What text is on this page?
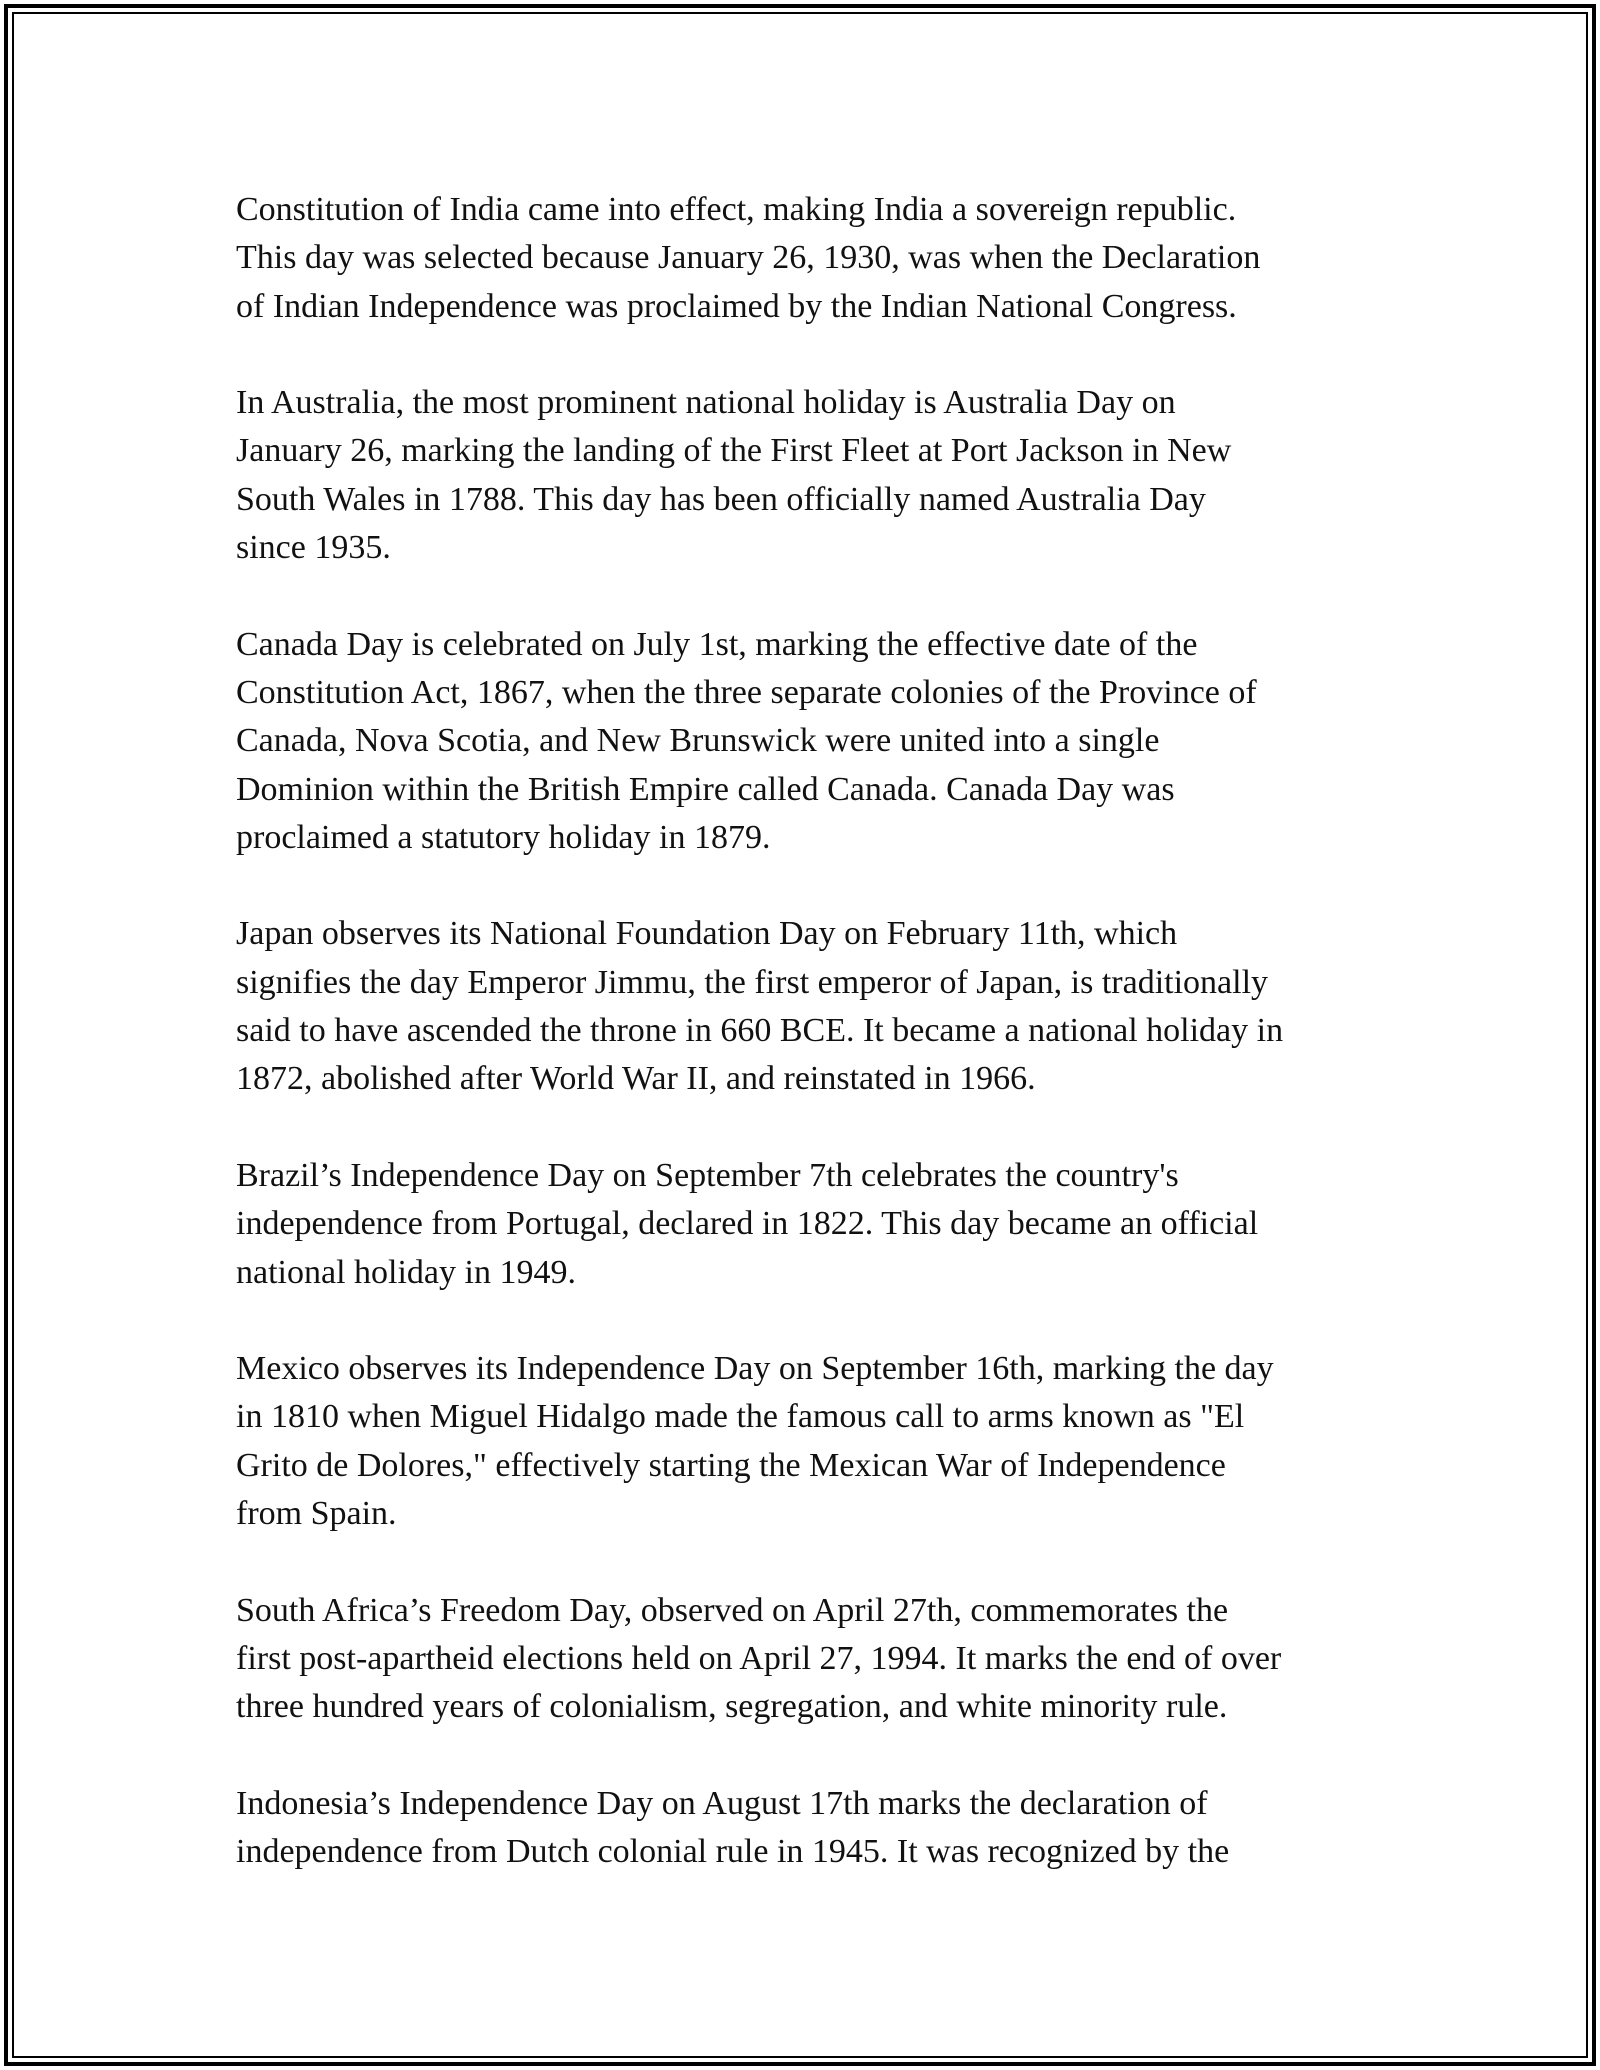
Constitution of India came into effect, making India a sovereign republic.
This day was selected because January 26, 1930, was when the Declaration
of Indian Independence was proclaimed by the Indian National Congress.

In Australia, the most prominent national holiday is Australia Day on
January 26, marking the landing of the First Fleet at Port Jackson in New
South Wales in 1788. This day has been officially named Australia Day
since 1935.

Canada Day is celebrated on July 1st, marking the effective date of the
Constitution Act, 1867, when the three separate colonies of the Province of
Canada, Nova Scotia, and New Brunswick were united into a single
Dominion within the British Empire called Canada. Canada Day was
proclaimed a statutory holiday in 1879.

Japan observes its National Foundation Day on February 11th, which
signifies the day Emperor Jimmu, the first emperor of Japan, is traditionally
said to have ascended the throne in 660 BCE. It became a national holiday in
1872, abolished after World War II, and reinstated in 1966.

Brazil’s Independence Day on September 7th celebrates the country's
independence from Portugal, declared in 1822. This day became an official
national holiday in 1949.

Mexico observes its Independence Day on September 16th, marking the day
in 1810 when Miguel Hidalgo made the famous call to arms known as "El
Grito de Dolores," effectively starting the Mexican War of Independence
from Spain.

South Africa’s Freedom Day, observed on April 27th, commemorates the
first post-apartheid elections held on April 27, 1994. It marks the end of over
three hundred years of colonialism, segregation, and white minority rule.

Indonesia’s Independence Day on August 17th marks the declaration of
independence from Dutch colonial rule in 1945. It was recognized by the
